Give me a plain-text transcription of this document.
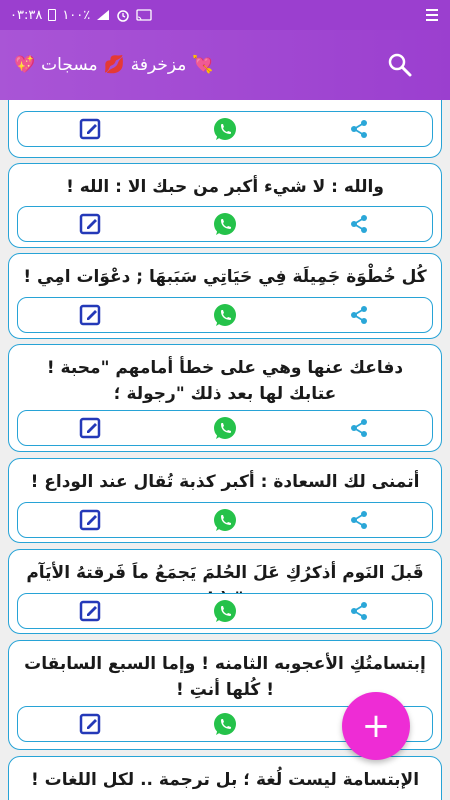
٠٣:٣٨ ١٠٠٪
💘
مزخرفة
💋
مسجات
💖
والله : لا شيء أكبر من حبك الا : الله !
كُل خُطْوَة جَمِيلَة فِي حَيَاتِي سَبَبهَا ; دعْوَات امِي !
دفاعك عنها وهي على خطأ أمامهم "محبة ! عتابك لها بعد ذلك "رجولة ؛
أتمنى لك السعادة : أكبر كذبة تُقال عند الوداع !
قَبلَ النَوم أذكرُكِ عَلَ الحُلمَ يَجمَعُ ماَ فَرقتهُ الأيَآم
إبتسامتُكِ الأعجوبه الثامنه ! وإما السبع السابقات ! كُلها أنتِ !
الإبتسامة ليست لُغة ؛ بل ترجمة .. لكل اللغات !
+
